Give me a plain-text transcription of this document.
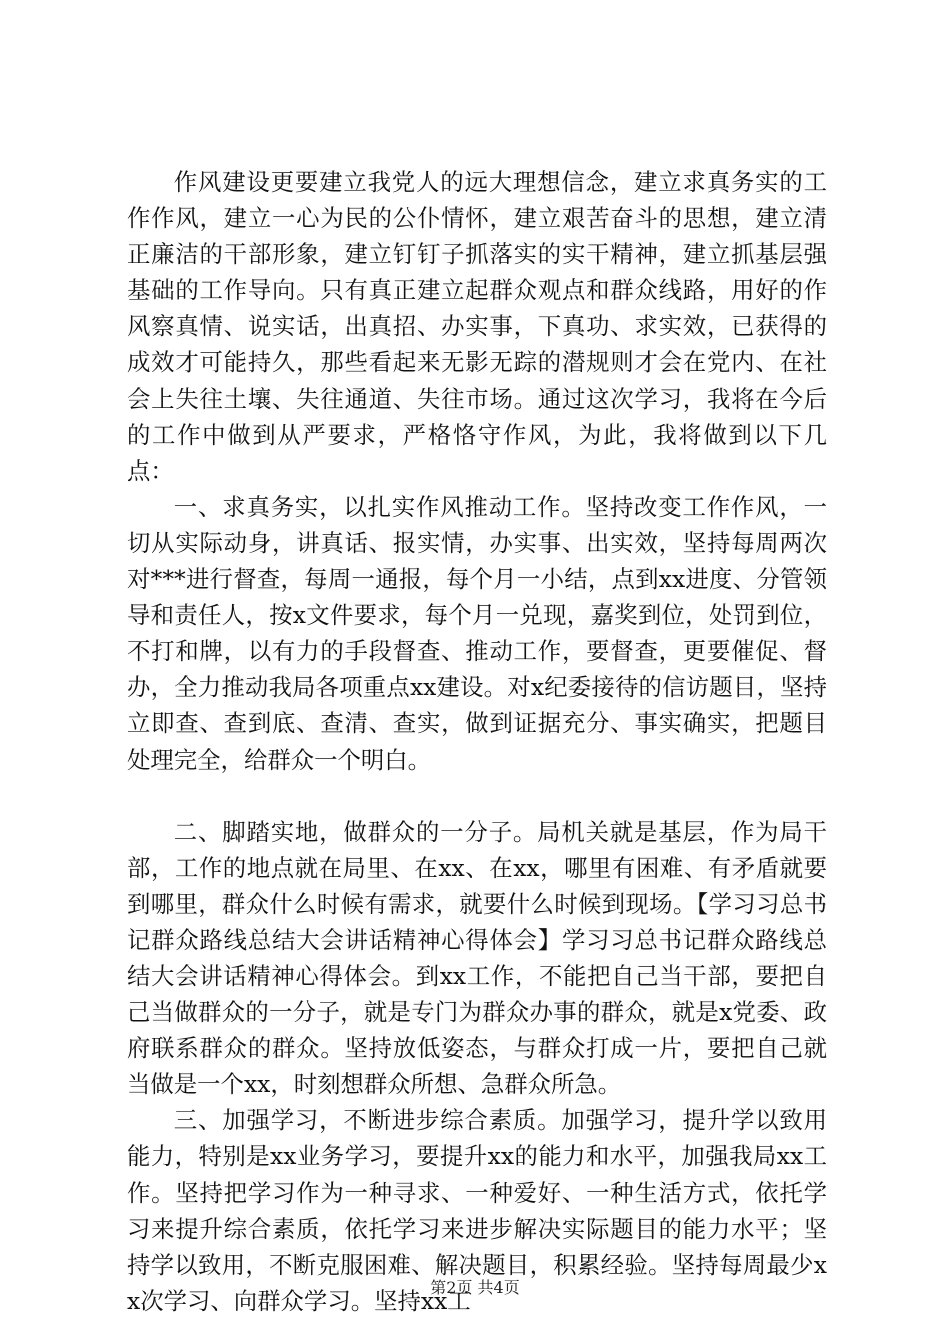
作风建设更要建立我党人的远大理想信念，建立求真务实的工作作风，建立一心为民的公仆情怀，建立艰苦奋斗的思想，建立清正廉洁的干部形象，建立钉钉子抓落实的实干精神，建立抓基层强基础的工作导向。只有真正建立起群众观点和群众线路，用好的作风察真情、说实话，出真招、办实事，下真功、求实效，已获得的成效才可能持久，那些看起来无影无踪的潜规则才会在党内、在社会上失往土壤、失往通道、失往市场。通过这次学习，我将在今后的工作中做到从严要求，严格恪守作风，为此，我将做到以下几点：

一、求真务实，以扎实作风推动工作。坚持改变工作作风，一切从实际动身，讲真话、报实情，办实事、出实效，坚持每周两次对***进行督查，每周一通报，每个月一小结，点到xx进度、分管领导和责任人，按x文件要求，每个月一兑现，嘉奖到位，处罚到位，不打和牌，以有力的手段督查、推动工作，要督查，更要催促、督办，全力推动我局各项重点xx建设。对x纪委接待的信访题目，坚持立即查、查到底、查清、查实，做到证据充分、事实确实，把题目处理完全，给群众一个明白。

二、脚踏实地，做群众的一分子。局机关就是基层，作为局干部，工作的地点就在局里、在xx、在xx，哪里有困难、有矛盾就要到哪里，群众什么时候有需求，就要什么时候到现场。【学习习总书记群众路线总结大会讲话精神心得体会】学习习总书记群众路线总结大会讲话精神心得体会。到xx工作，不能把自己当干部，要把自己当做群众的一分子，就是专门为群众办事的群众，就是x党委、政府联系群众的群众。坚持放低姿态，与群众打成一片，要把自己就当做是一个xx，时刻想群众所想、急群众所急。

三、加强学习，不断进步综合素质。加强学习，提升学以致用能力，特别是xx业务学习，要提升xx的能力和水平，加强我局xx工作。坚持把学习作为一种寻求、一种爱好、一种生活方式，依托学习来提升综合素质，依托学习来进步解决实际题目的能力水平；坚持学以致用，不断克服困难、解决题目，积累经验。坚持每周最少xx次学习、向群众学习。坚持xx工

第2页 共4页
